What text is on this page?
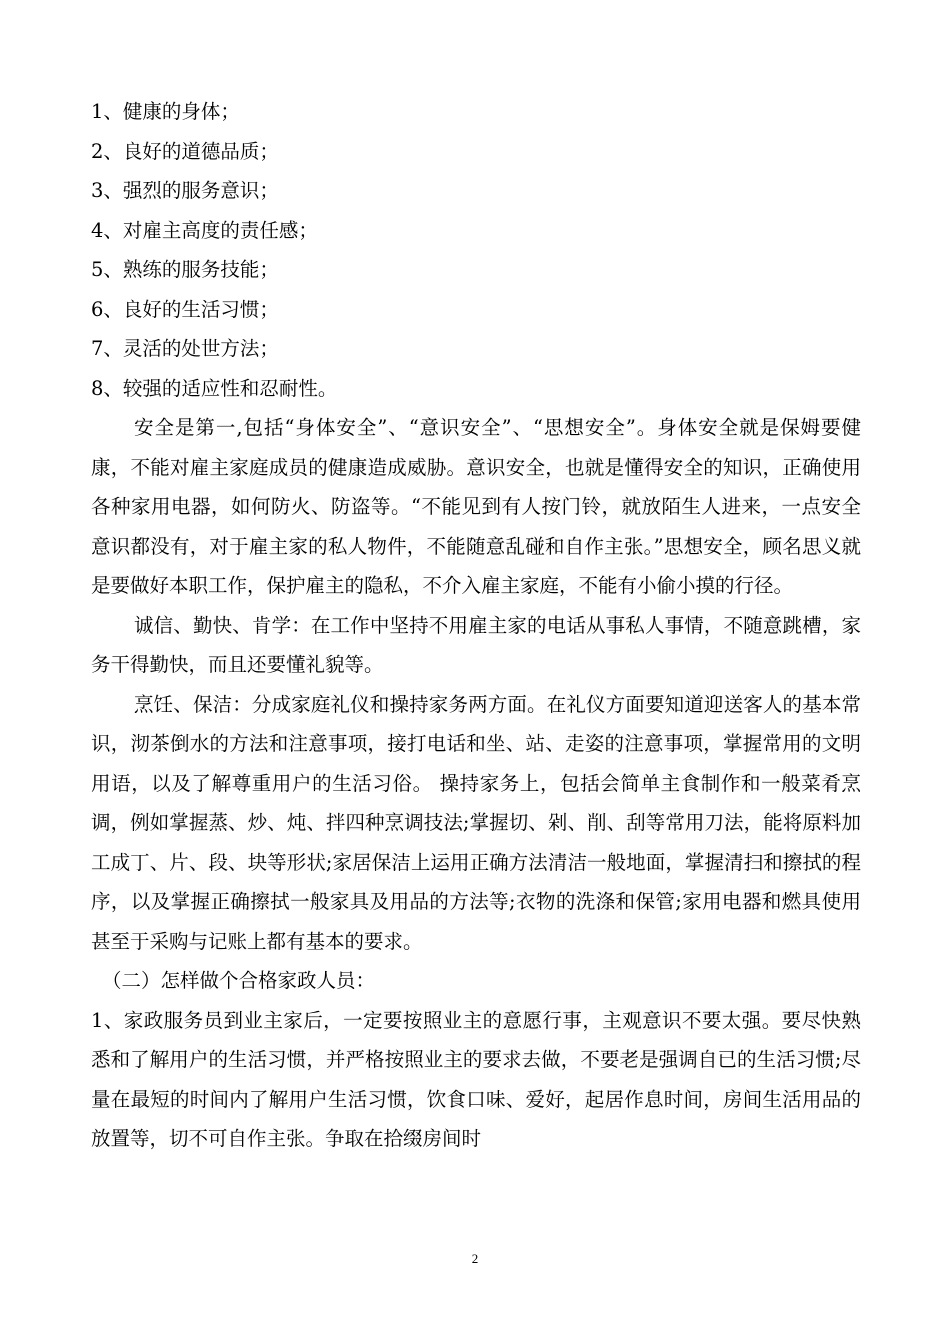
1、健康的身体；

2、良好的道德品质；

3、强烈的服务意识；

4、对雇主高度的责任感；

5、熟练的服务技能；

6、良好的生活习惯；

7、灵活的处世方法；

8、较强的适应性和忍耐性。

安全是第一,包括“身体安全”、“意识安全”、“思想安全”。身体安全就是保姆要健康，不能对雇主家庭成员的健康造成威胁。意识安全，也就是懂得安全的知识，正确使用各种家用电器，如何防火、防盗等。“不能见到有人按门铃，就放陌生人进来，一点安全意识都没有，对于雇主家的私人物件，不能随意乱碰和自作主张。”思想安全，顾名思义就是要做好本职工作，保护雇主的隐私，不介入雇主家庭，不能有小偷小摸的行径。

诚信、勤快、肯学：在工作中坚持不用雇主家的电话从事私人事情，不随意跳槽，家务干得勤快，而且还要懂礼貌等。

烹饪、保洁：分成家庭礼仪和操持家务两方面。在礼仪方面要知道迎送客人的基本常识，沏茶倒水的方法和注意事项，接打电话和坐、站、走姿的注意事项，掌握常用的文明用语，以及了解尊重用户的生活习俗。 操持家务上，包括会简单主食制作和一般菜肴烹调，例如掌握蒸、炒、炖、拌四种烹调技法;掌握切、剁、削、刮等常用刀法，能将原料加工成丁、片、段、块等形状;家居保洁上运用正确方法清洁一般地面，掌握清扫和擦拭的程序，以及掌握正确擦拭一般家具及用品的方法等;衣物的洗涤和保管;家用电器和燃具使用甚至于采购与记账上都有基本的要求。

（二）怎样做个合格家政人员：

1、家政服务员到业主家后，一定要按照业主的意愿行事，主观意识不要太强。要尽快熟悉和了解用户的生活习惯，并严格按照业主的要求去做，不要老是强调自已的生活习惯;尽量在最短的时间内了解用户生活习惯，饮食口味、爱好，起居作息时间，房间生活用品的放置等，切不可自作主张。争取在拾缀房间时

2
